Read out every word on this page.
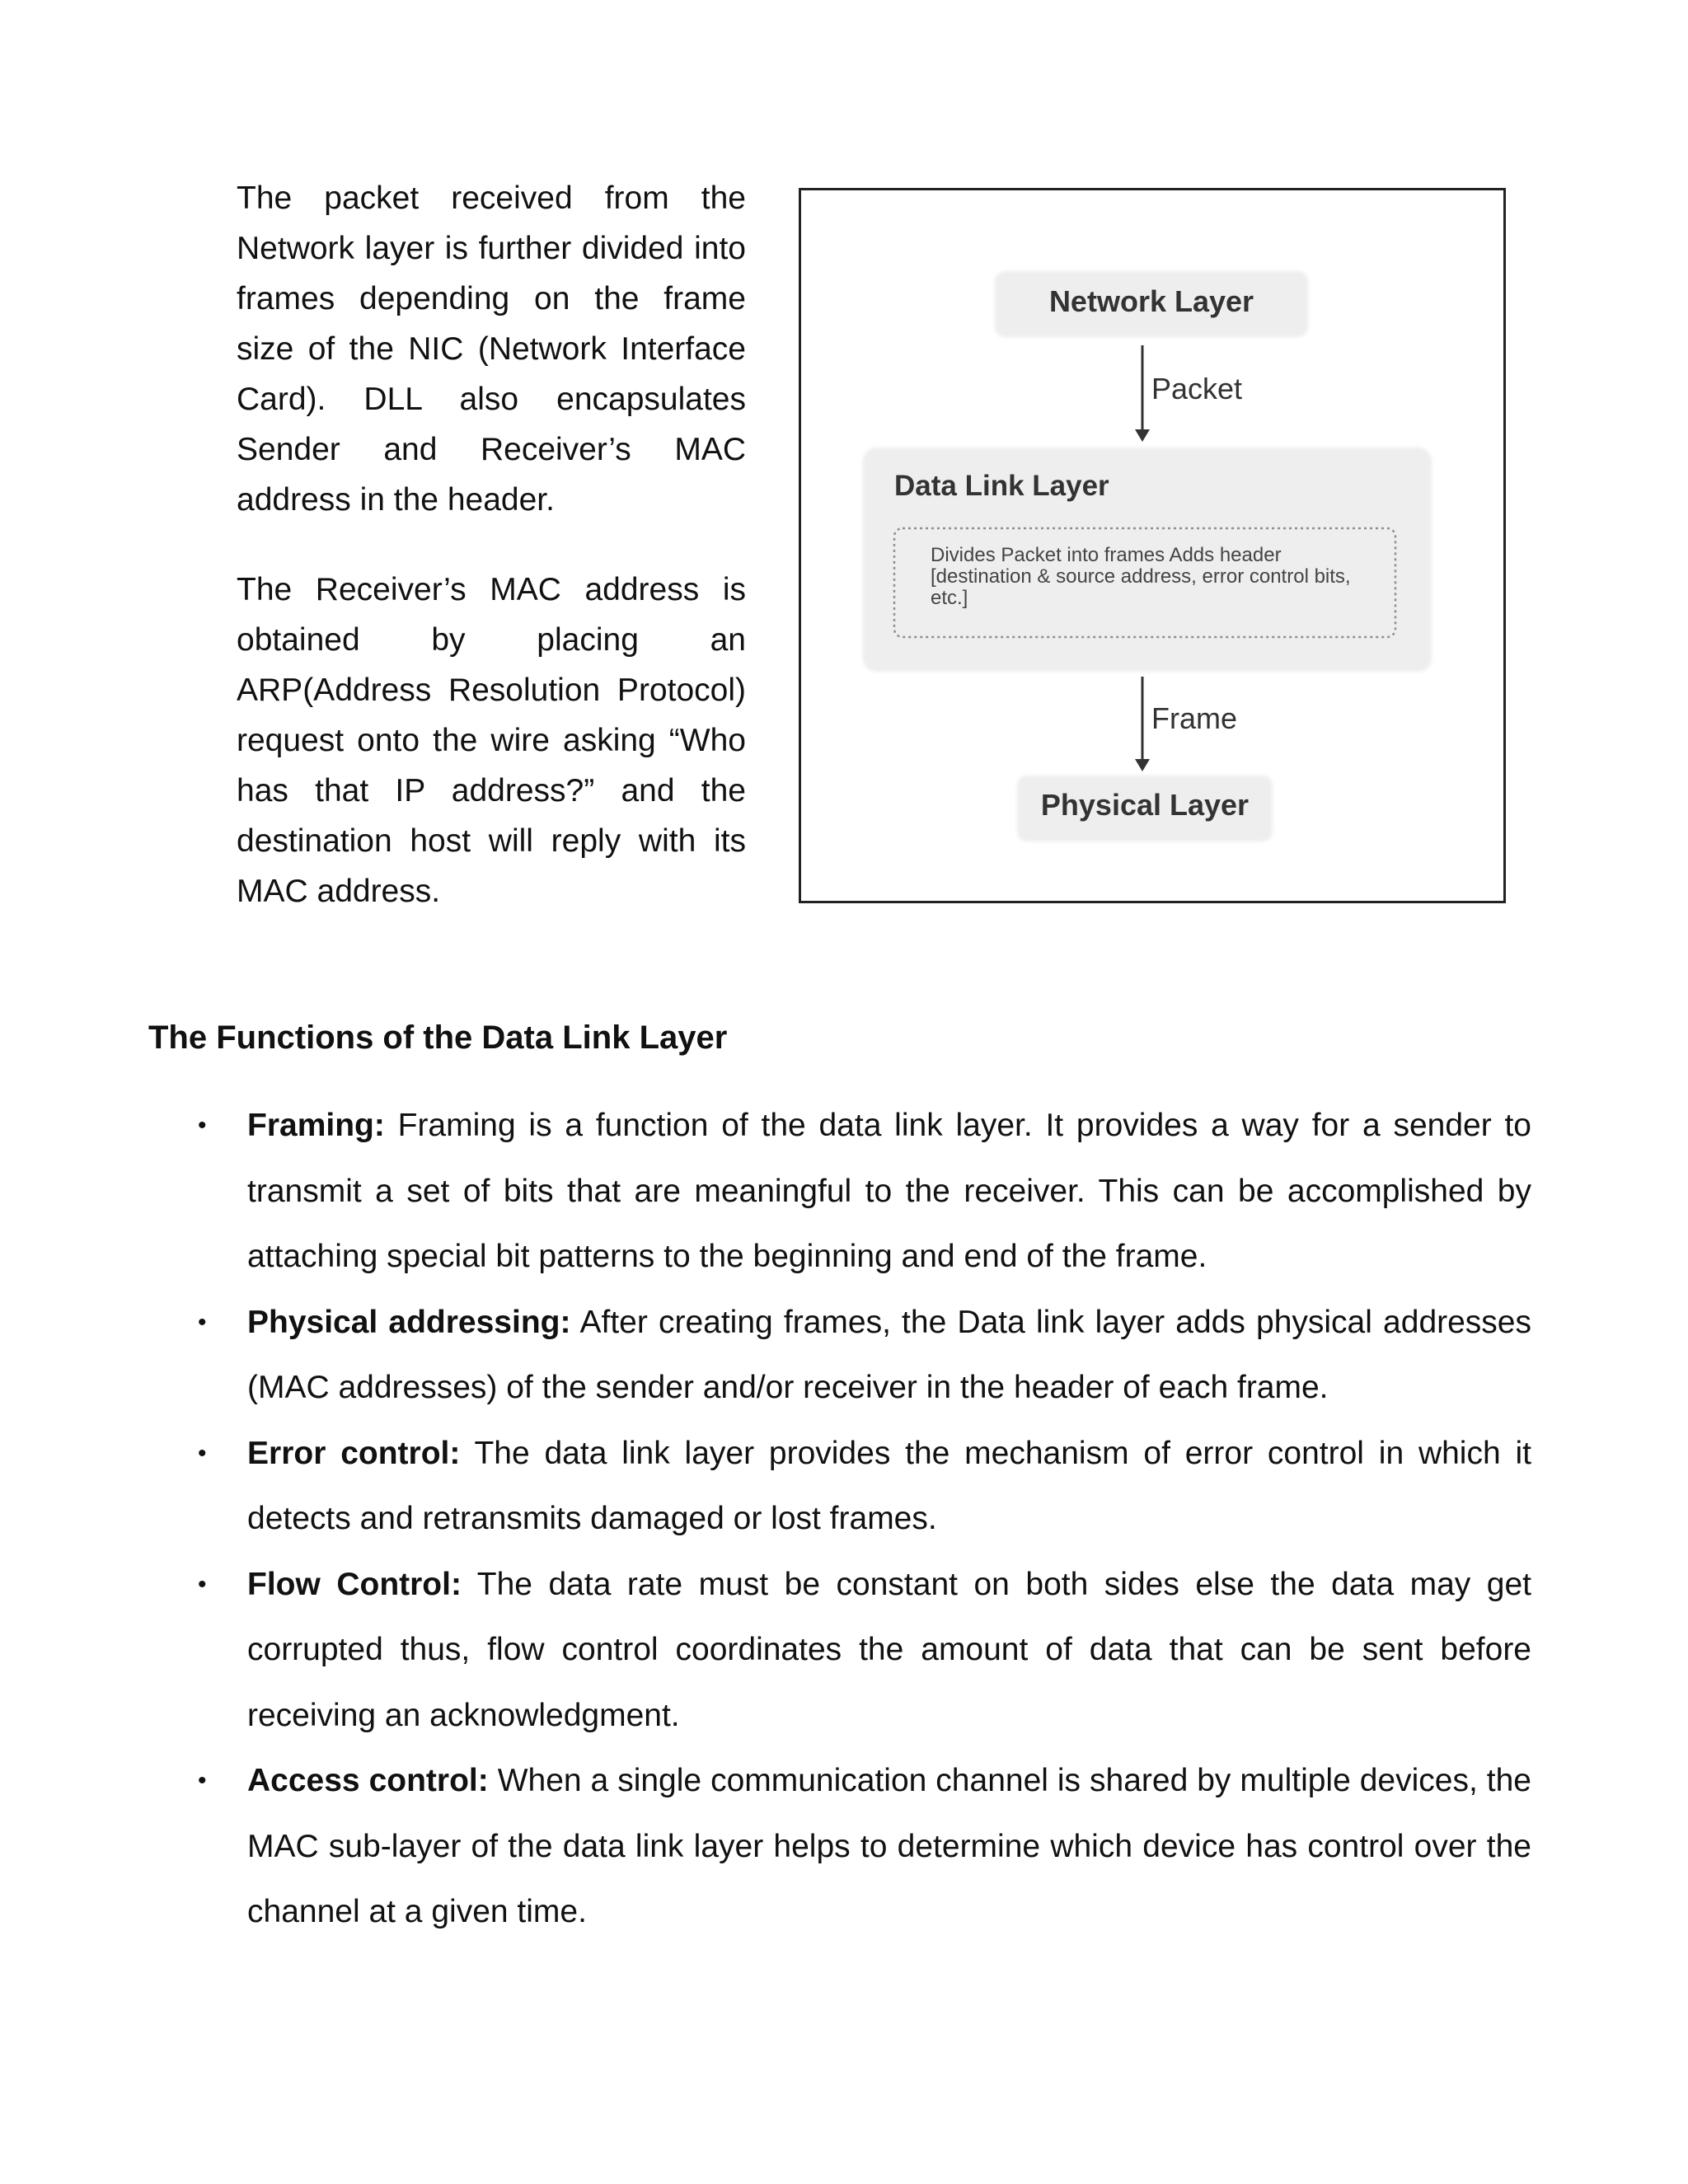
The packet received from the Network layer is further divided into frames depending on the frame size of the NIC (Network Interface Card). DLL also encapsulates Sender and Receiver’s MAC address in the header.

The Receiver’s MAC address is obtained by placing an ARP(Address Resolution Protocol) request onto the wire asking “Who has that IP address?” and the destination host will reply with its MAC address.

Network Layer
Packet
Data Link Layer
Divides Packet into frames Adds header
[destination & source address, error control bits,
etc.]
Frame
Physical Layer
The Functions of the Data Link Layer
• Framing: Framing is a function of the data link layer. It provides a way for a sender to transmit a set of bits that are meaningful to the receiver. This can be accomplished by attaching special bit patterns to the beginning and end of the frame.
• Physical addressing: After creating frames, the Data link layer adds physical addresses (MAC addresses) of the sender and/or receiver in the header of each frame.
• Error control: The data link layer provides the mechanism of error control in which it detects and retransmits damaged or lost frames.
• Flow Control: The data rate must be constant on both sides else the data may get corrupted thus, flow control coordinates the amount of data that can be sent before receiving an acknowledgment.
• Access control: When a single communication channel is shared by multiple devices, the MAC sub-layer of the data link layer helps to determine which device has control over the channel at a given time.
